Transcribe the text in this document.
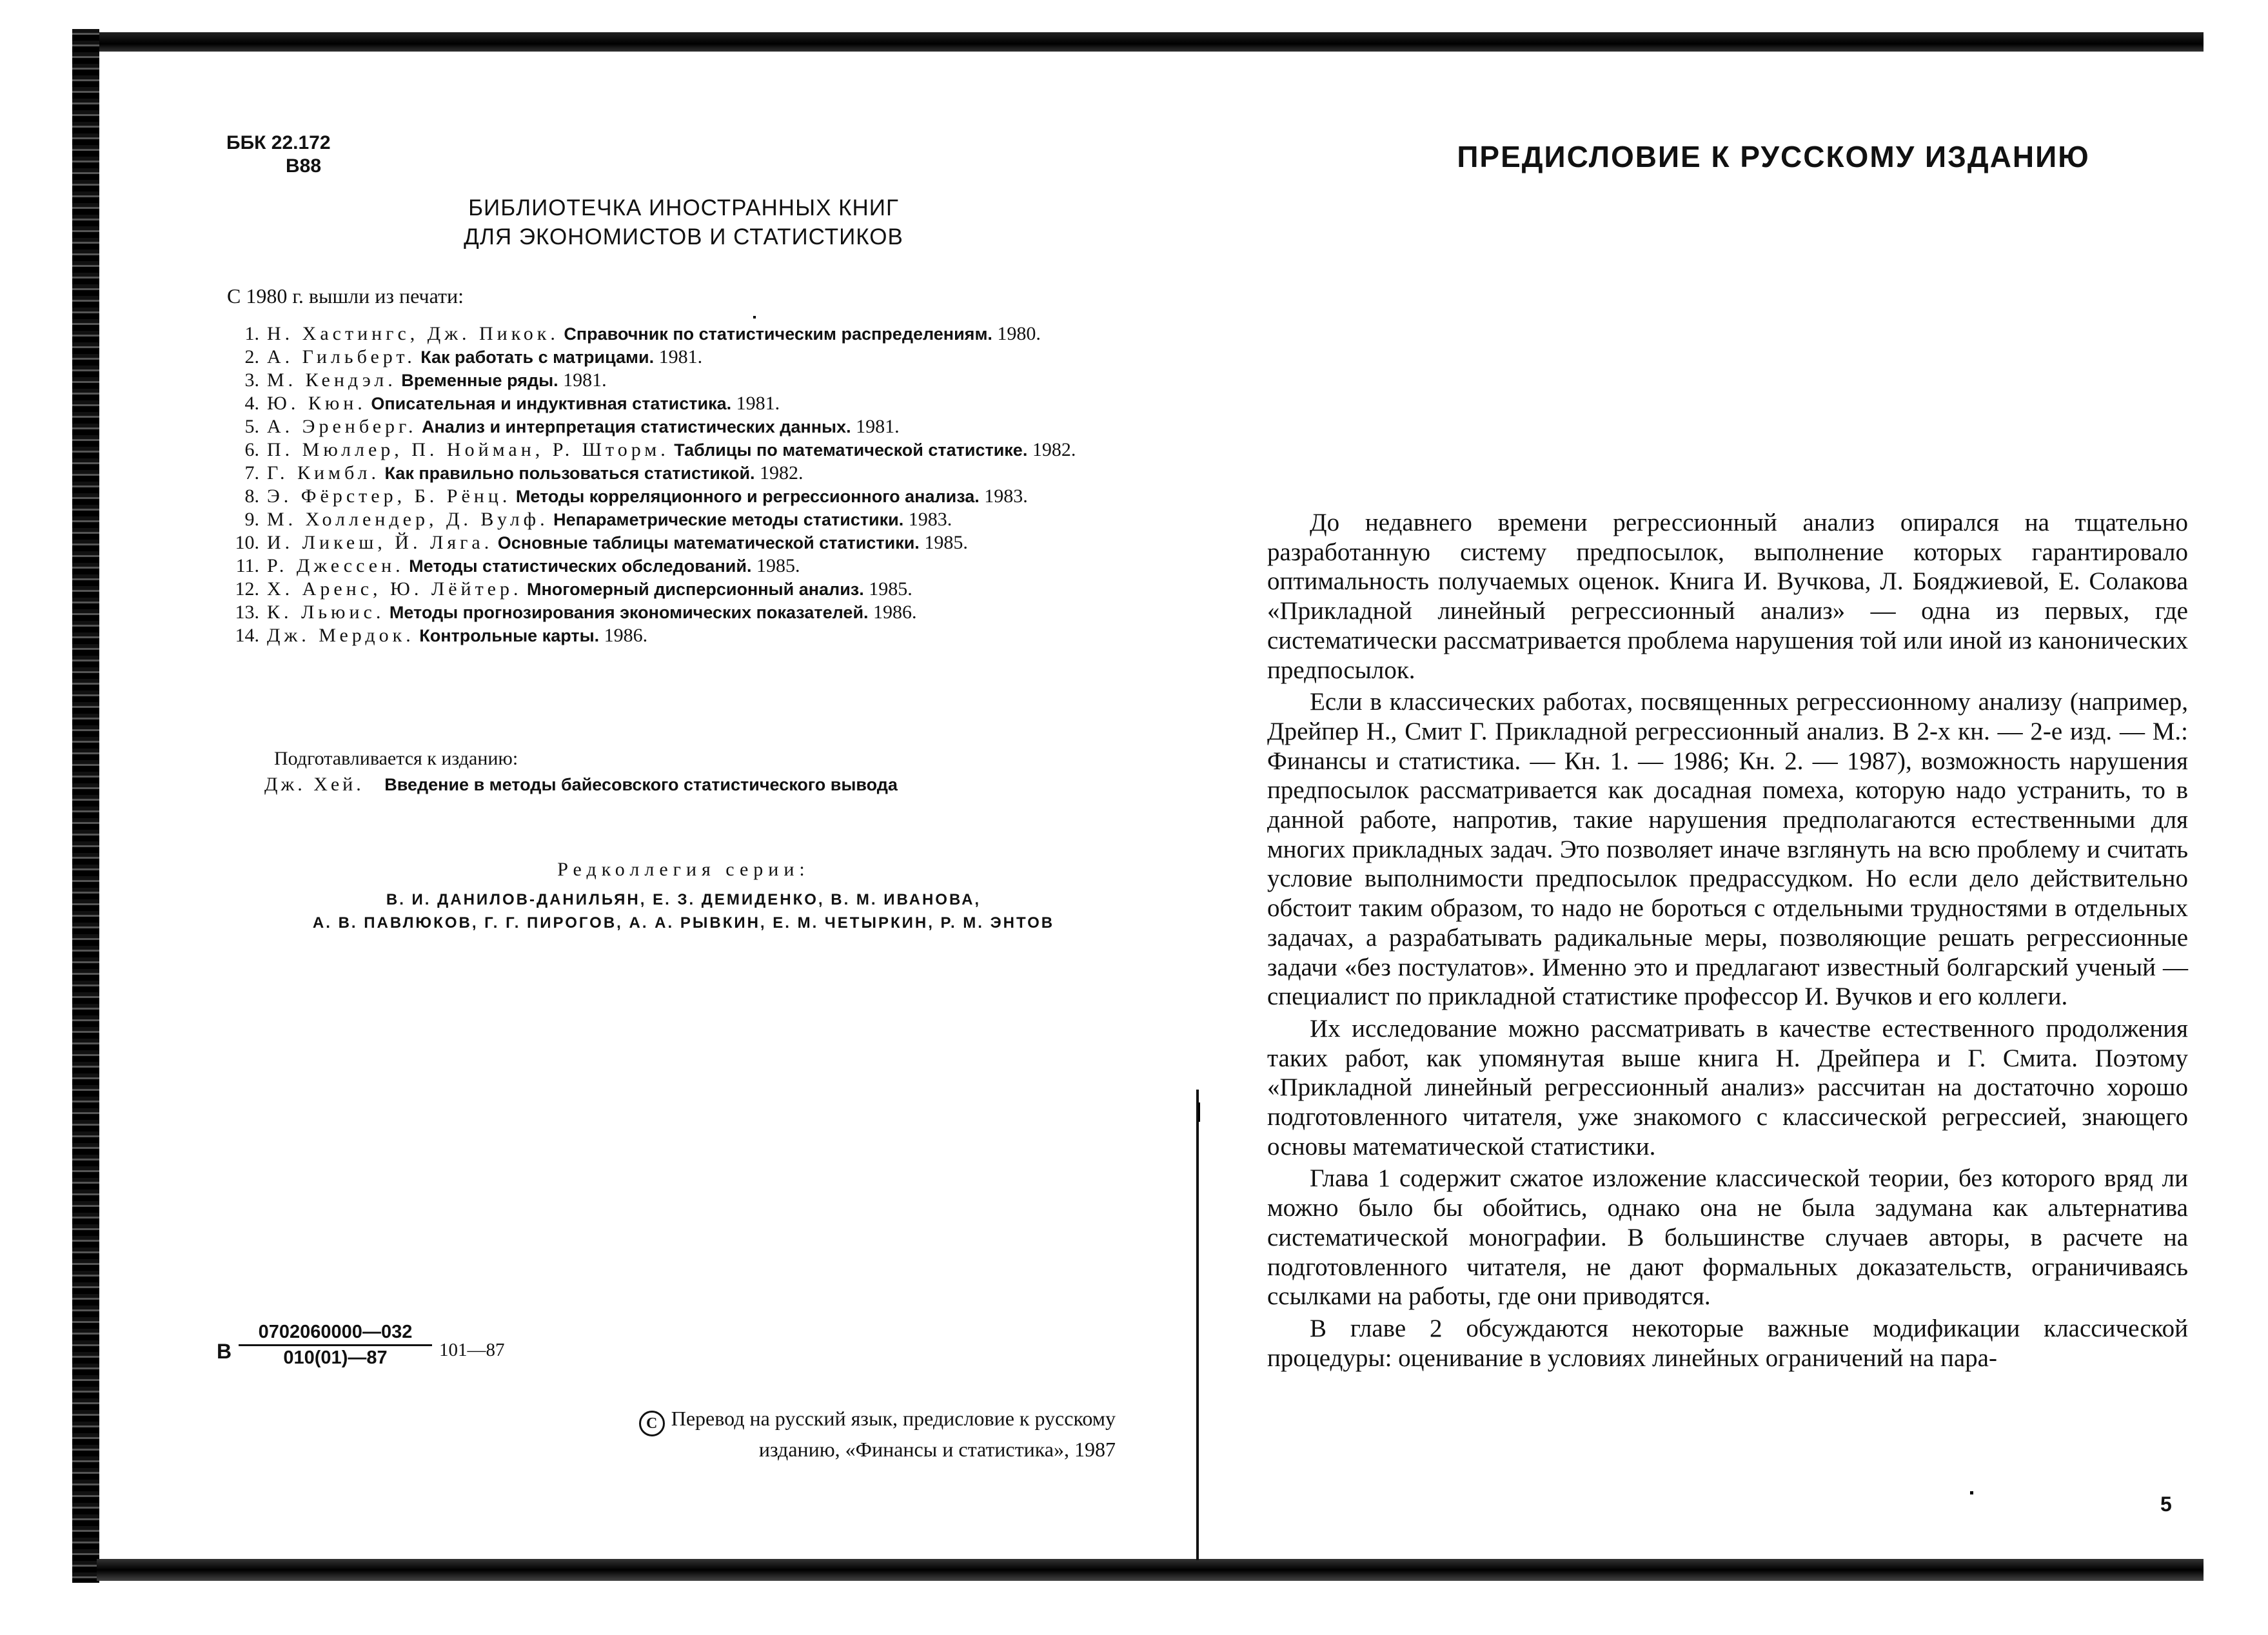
ББК 22.172
В88
БИБЛИОТЕЧКА ИНОСТРАННЫХ КНИГ
ДЛЯ ЭКОНОМИСТОВ И СТАТИСТИКОВ
С 1980 г. вышли из печати:
1. Н. Хастингс, Дж. Пикок. Справочник по статистическим распределениям. 1980.
2. А. Гильберт. Как работать с матрицами. 1981.
3. М. Кендэл. Временные ряды. 1981.
4. Ю. Кюн. Описательная и индуктивная статистика. 1981.
5. А. Эренберг. Анализ и интерпретация статистических данных. 1981.
6. П. Мюллер, П. Нойман, Р. Шторм. Таблицы по математической статистике. 1982.
7. Г. Кимбл. Как правильно пользоваться статистикой. 1982.
8. Э. Фёрстер, Б. Рёнц. Методы корреляционного и регрессионного анализа. 1983.
9. М. Холлендер, Д. Вулф. Непараметрические методы статистики. 1983.
10. И. Ликеш, Й. Ляга. Основные таблицы математической статистики. 1985.
11. Р. Джессен. Методы статистических обследований. 1985.
12. Х. Аренс, Ю. Лёйтер. Многомерный дисперсионный анализ. 1985.
13. К. Льюис. Методы прогнозирования экономических показателей. 1986.
14. Дж. Мердок. Контрольные карты. 1986.
Подготавливается к изданию:
Дж. Хей. Введение в методы байесовского статистического вывода
Редколлегия серии:
В. И. ДАНИЛОВ-ДАНИЛЬЯН, Е. З. ДЕМИДЕНКО, В. М. ИВАНОВА,
А. В. ПАВЛЮКОВ, Г. Г. ПИРОГОВ, А. А. РЫВКИН, Е. М. ЧЕТЫРКИН, Р. М. ЭНТОВ
В $\frac{0702060000—032}{010(01)—87}$ 101—87
C Перевод на русский язык, предисловие к русскому
изданию, «Финансы и статистика», 1987
ПРЕДИСЛОВИЕ К РУССКОМУ ИЗДАНИЮ

До недавнего времени регрессионный анализ опирался на тщательно разработанную систему предпосылок, выполнение которых гарантировало оптимальность получаемых оценок. Книга И. Вучкова, Л. Бояджиевой, Е. Солакова «Прикладной линейный регрессионный анализ» — одна из первых, где систематически рассматривается проблема нарушения той или иной из канонических предпосылок.

Если в классических работах, посвященных регрессионному анализу (например, Дрейпер Н., Смит Г. Прикладной регрессионный анализ. В 2-х кн. — 2-е изд. — М.: Финансы и статистика. — Кн. 1. — 1986; Кн. 2. — 1987), возможность нарушения предпосылок рассматривается как досадная помеха, которую надо устранить, то в данной работе, напротив, такие нарушения предполагаются естественными для многих прикладных задач. Это позволяет иначе взглянуть на всю проблему и считать условие выполнимости предпосылок предрассудком. Но если дело действительно обстоит таким образом, то надо не бороться с отдельными трудностями в отдельных задачах, а разрабатывать радикальные меры, позволяющие решать регрессионные задачи «без постулатов». Именно это и предлагают известный болгарский ученый — специалист по прикладной статистике профессор И. Вучков и его коллеги.

Их исследование можно рассматривать в качестве естественного продолжения таких работ, как упомянутая выше книга Н. Дрейпера и Г. Смита. Поэтому «Прикладной линейный регрессионный анализ» рассчитан на достаточно хорошо подготовленного читателя, уже знакомого с классической регрессией, знающего основы математической статистики.

Глава 1 содержит сжатое изложение классической теории, без которого вряд ли можно было бы обойтись, однако она не была задумана как альтернатива систематической монографии. В большинстве случаев авторы, в расчете на подготовленного читателя, не дают формальных доказательств, ограничиваясь ссылками на работы, где они приводятся.

В главе 2 обсуждаются некоторые важные модификации классической процедуры: оценивание в условиях линейных ограничений на пара-

5
